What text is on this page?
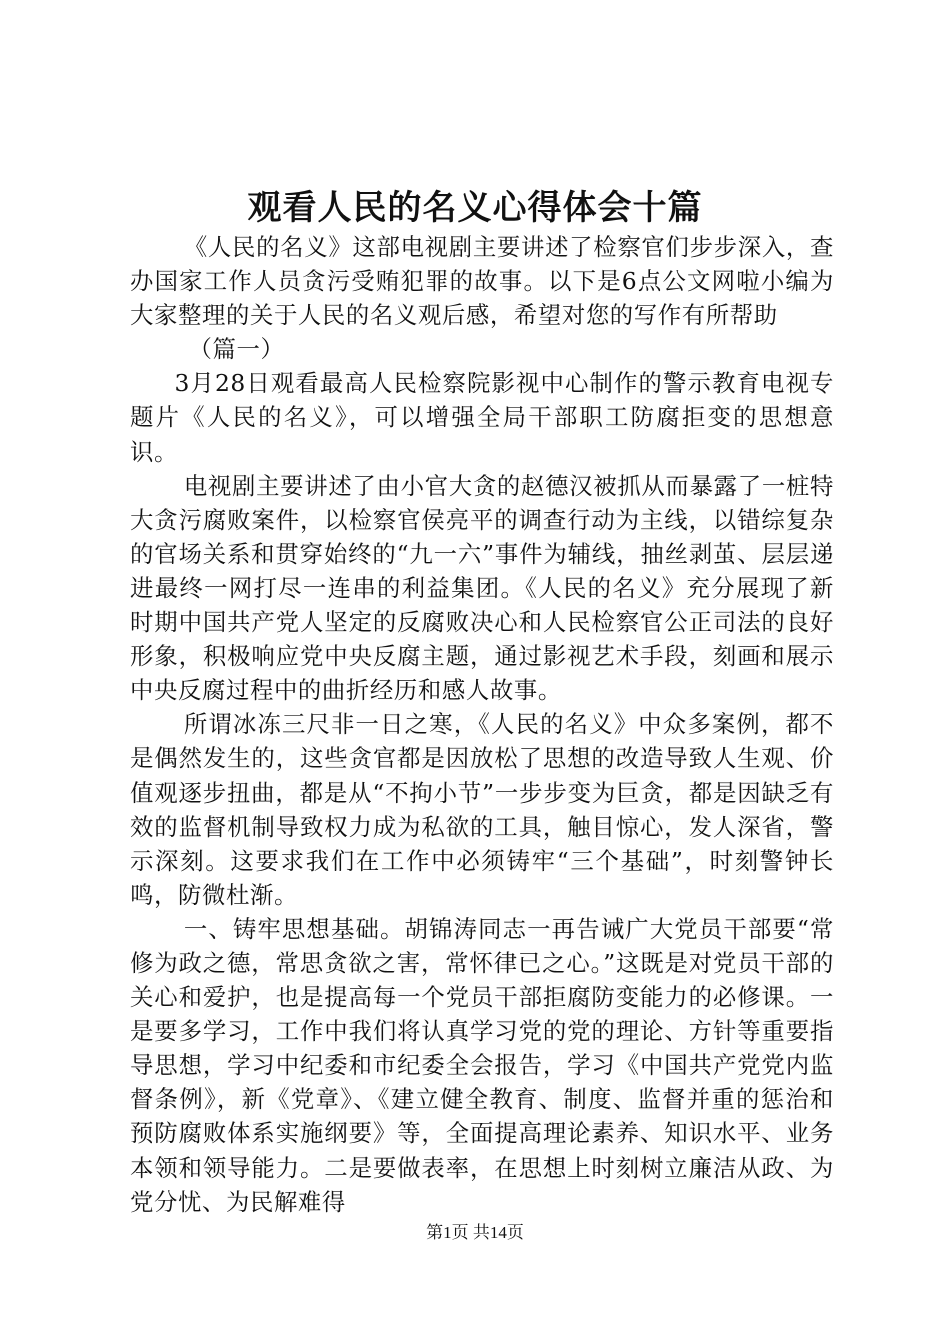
观看人民的名义心得体会十篇

《人民的名义》这部电视剧主要讲述了检察官们步步深入，查办国家工作人员贪污受贿犯罪的故事。以下是6点公文网啦小编为大家整理的关于人民的名义观后感，希望对您的写作有所帮助

（篇一）

3月28日观看最高人民检察院影视中心制作的警示教育电视专题片《人民的名义》，可以增强全局干部职工防腐拒变的思想意识。

电视剧主要讲述了由小官大贪的赵德汉被抓从而暴露了一桩特大贪污腐败案件，以检察官侯亮平的调查行动为主线，以错综复杂的官场关系和贯穿始终的“九一六”事件为辅线，抽丝剥茧、层层递进最终一网打尽一连串的利益集团。《人民的名义》充分展现了新时期中国共产党人坚定的反腐败决心和人民检察官公正司法的良好形象，积极响应党中央反腐主题，通过影视艺术手段，刻画和展示中央反腐过程中的曲折经历和感人故事。

所谓冰冻三尺非一日之寒，《人民的名义》中众多案例，都不是偶然发生的，这些贪官都是因放松了思想的改造导致人生观、价值观逐步扭曲，都是从“不拘小节”一步步变为巨贪，都是因缺乏有效的监督机制导致权力成为私欲的工具，触目惊心，发人深省，警示深刻。这要求我们在工作中必须铸牢“三个基础”，时刻警钟长鸣，防微杜渐。

一、铸牢思想基础。胡锦涛同志一再告诫广大党员干部要“常修为政之德，常思贪欲之害，常怀律已之心。”这既是对党员干部的关心和爱护，也是提高每一个党员干部拒腐防变能力的必修课。一是要多学习，工作中我们将认真学习党的党的理论、方针等重要指导思想，学习中纪委和市纪委全会报告，学习《中国共产党党内监督条例》，新《党章》、《建立健全教育、制度、监督并重的惩治和预防腐败体系实施纲要》等，全面提高理论素养、知识水平、业务本领和领导能力。二是要做表率，在思想上时刻树立廉洁从政、为党分忧、为民解难得

第1页 共14页
